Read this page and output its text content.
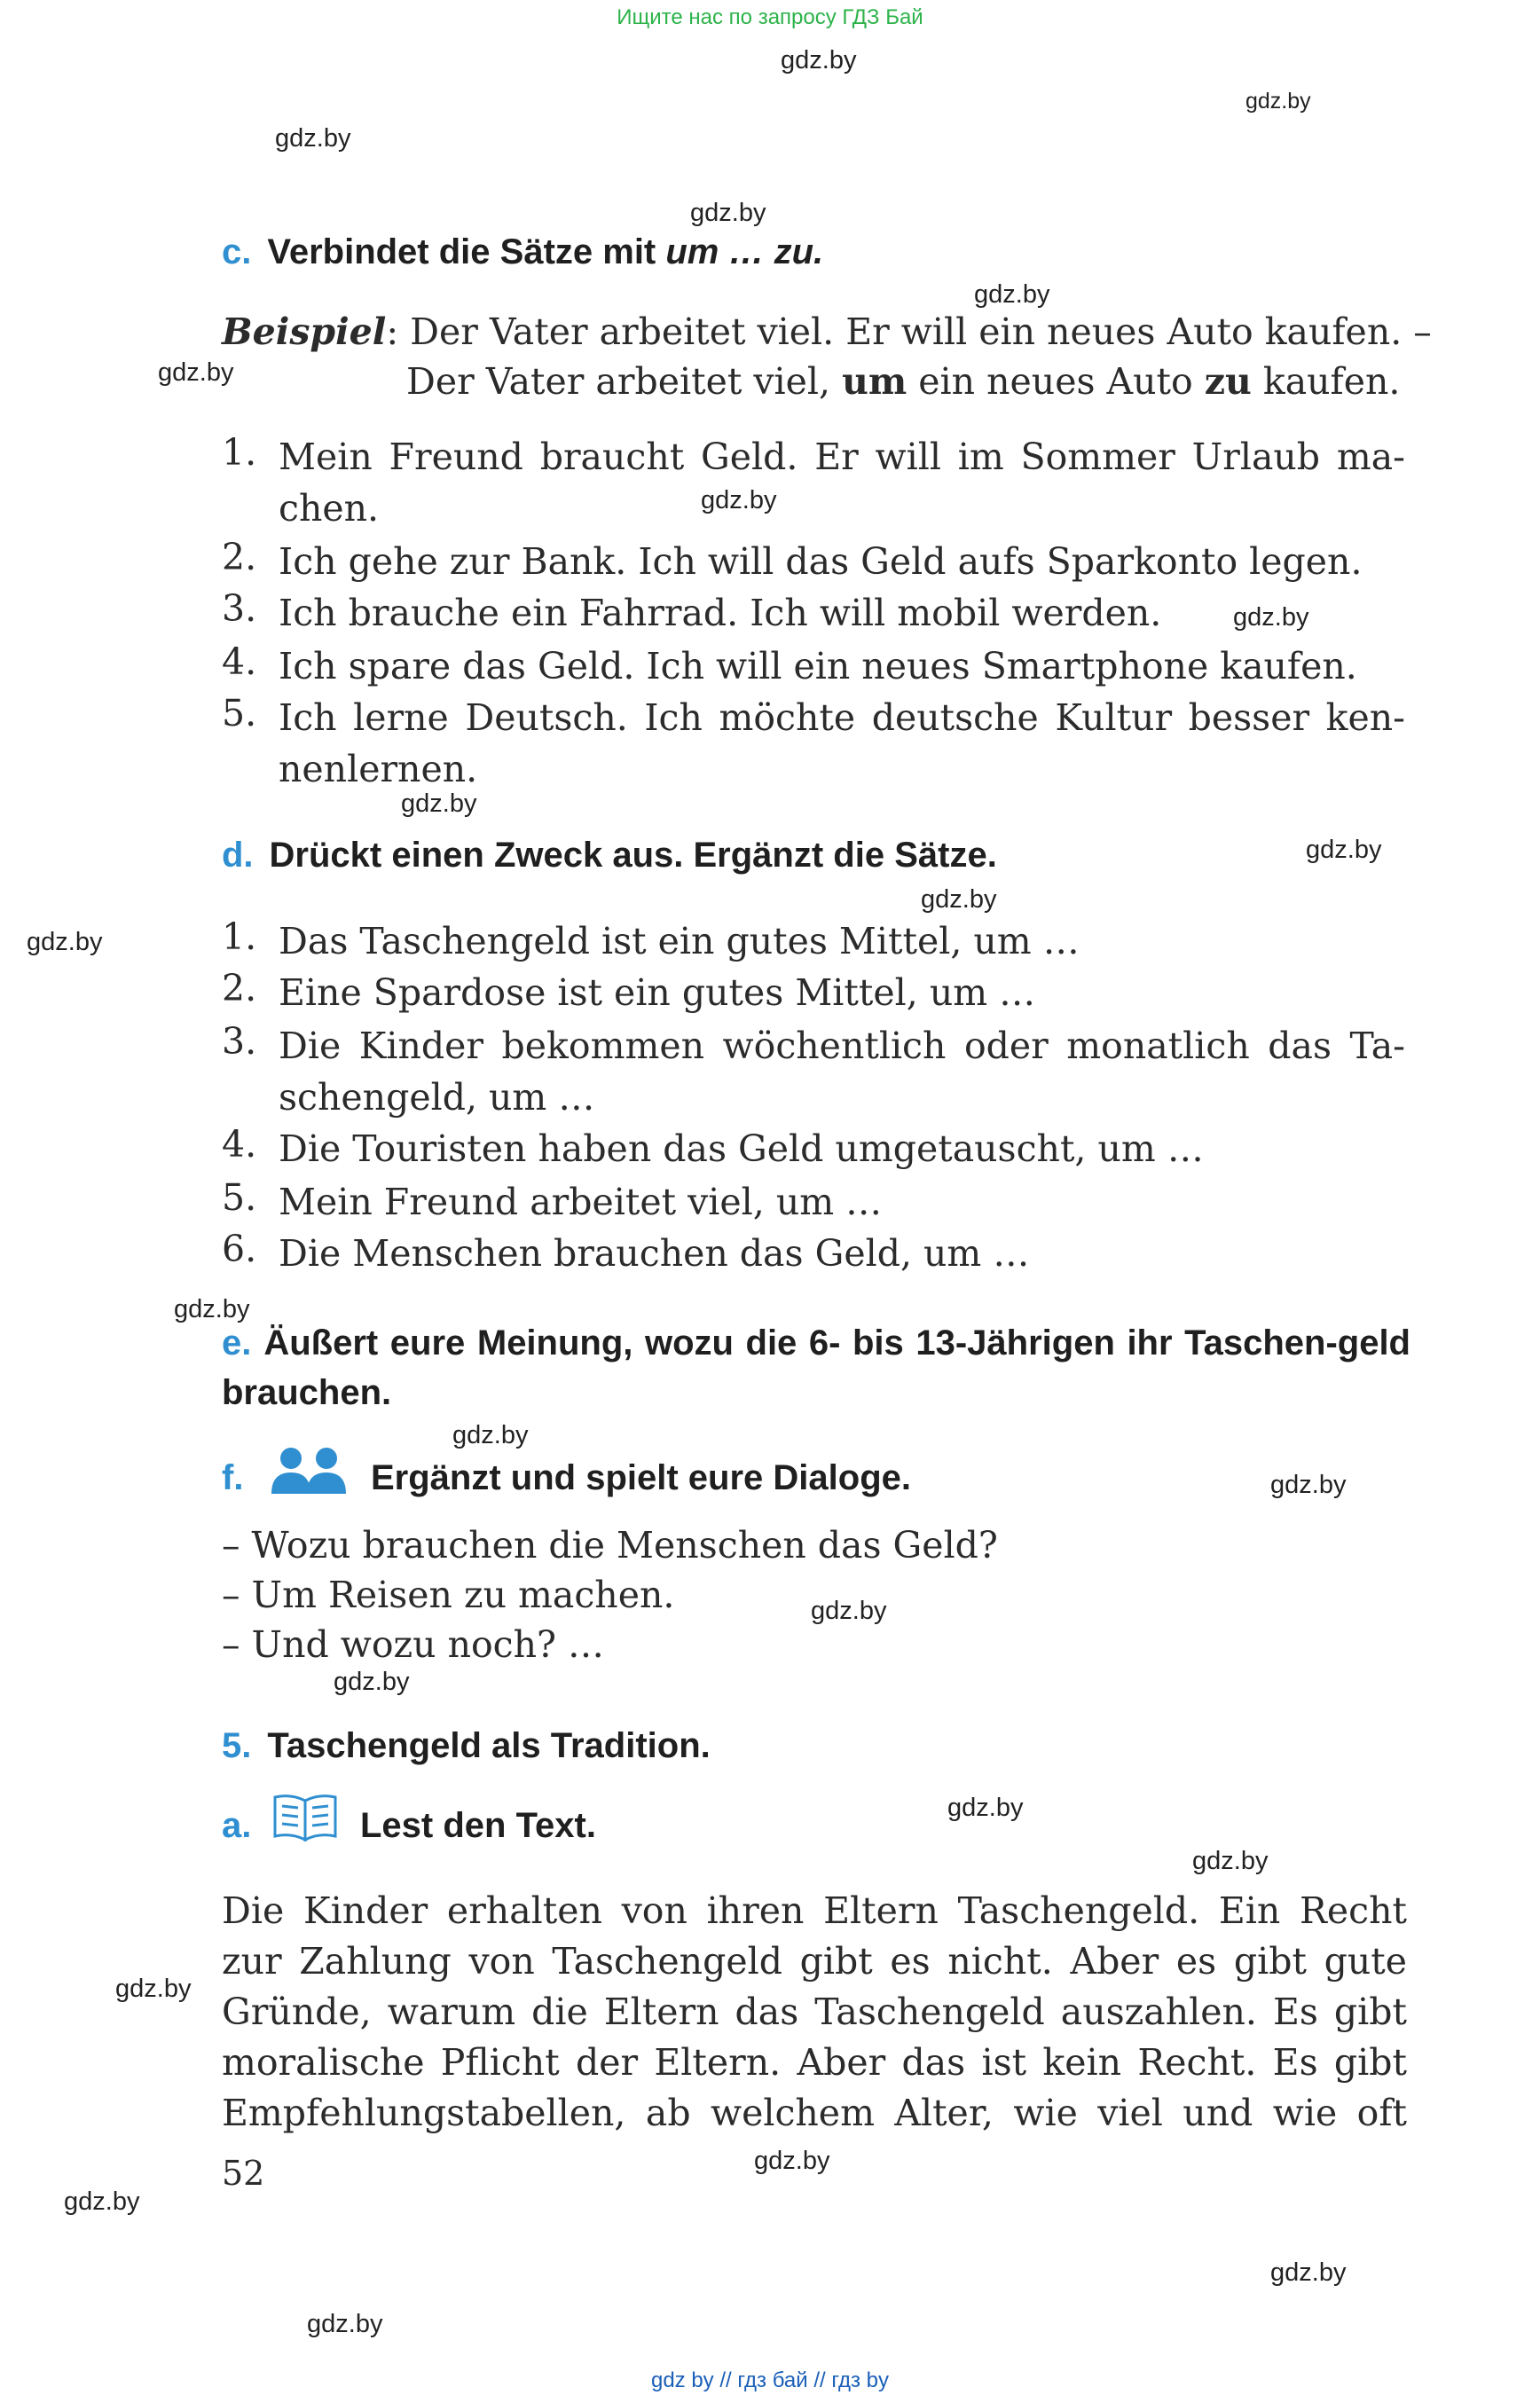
Ищите нас по запросу ГДЗ Бай
gdz by // гдз бай // гдз by
gdz.by
gdz.by
gdz.by
gdz.by
gdz.by
gdz.by
gdz.by
gdz.by
gdz.by
gdz.by
gdz.by
gdz.by
gdz.by
gdz.by
gdz.by
gdz.by
gdz.by
gdz.by
gdz.by
gdz.by
gdz.by
gdz.by
gdz.by
gdz.by
c. Verbindet die Sätze mit um … zu.
Beispiel: Der Vater arbeitet viel. Er will ein neues Auto kaufen. –
Der Vater arbeitet viel, um ein neues Auto zu kaufen.
1. Mein Freund braucht Geld. Er will im Sommer Urlaub ma-chen.
2. Ich gehe zur Bank. Ich will das Geld aufs Sparkonto legen.
3. Ich brauche ein Fahrrad. Ich will mobil werden.
4. Ich spare das Geld. Ich will ein neues Smartphone kaufen.
5. Ich lerne Deutsch. Ich möchte deutsche Kultur besser ken-nenlernen.
d. Drückt einen Zweck aus. Ergänzt die Sätze.
1. Das Taschengeld ist ein gutes Mittel, um …
2. Eine Spardose ist ein gutes Mittel, um …
3. Die Kinder bekommen wöchentlich oder monatlich das Ta-schengeld, um …
4. Die Touristen haben das Geld umgetauscht, um …
5. Mein Freund arbeitet viel, um …
6. Die Menschen brauchen das Geld, um …
e. Äußert eure Meinung, wozu die 6- bis 13-Jährigen ihr Taschen-geld brauchen.
f.	Ergänzt und spielt eure Dialoge.
– Wozu brauchen die Menschen das Geld?
– Um Reisen zu machen.
– Und wozu noch? …
5. Taschengeld als Tradition.
a.	Lest den Text.
Die Kinder erhalten von ihren Eltern Taschengeld. Ein Recht
zur Zahlung von Taschengeld gibt es nicht. Aber es gibt gute
Gründe, warum die Eltern das Taschengeld auszahlen. Es gibt
moralische Pflicht der Eltern. Aber das ist kein Recht. Es gibt
Empfehlungstabellen, ab welchem Alter, wie viel und wie oft
52
